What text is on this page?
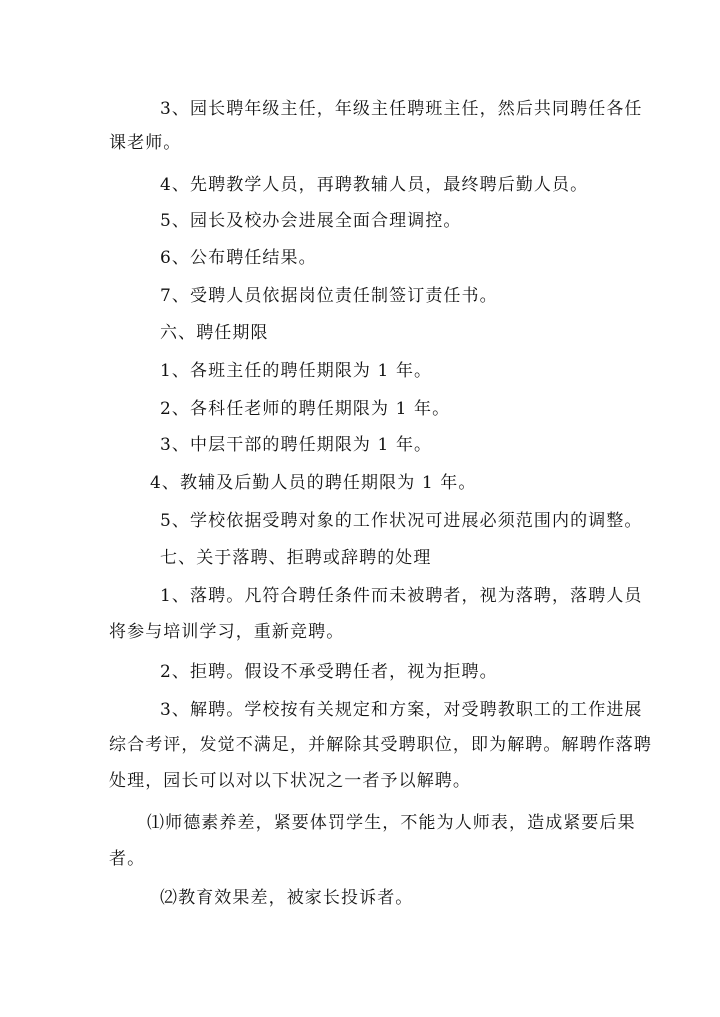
3、园长聘年级主任，年级主任聘班主任，然后共同聘任各任
课老师。
4、先聘教学人员，再聘教辅人员，最终聘后勤人员。
5、园长及校办会进展全面合理调控。
6、公布聘任结果。
7、受聘人员依据岗位责任制签订责任书。
六、聘任期限
1、各班主任的聘任期限为 1 年。
2、各科任老师的聘任期限为 1 年。
3、中层干部的聘任期限为 1 年。
4、教辅及后勤人员的聘任期限为 1 年。
5、学校依据受聘对象的工作状况可进展必须范围内的调整。
七、关于落聘、拒聘或辞聘的处理
1、落聘。凡符合聘任条件而未被聘者，视为落聘，落聘人员
将参与培训学习，重新竞聘。
2、拒聘。假设不承受聘任者，视为拒聘。
3、解聘。学校按有关规定和方案，对受聘教职工的工作进展
综合考评，发觉不满足，并解除其受聘职位，即为解聘。解聘作落聘
处理，园长可以对以下状况之一者予以解聘。
⑴师德素养差，紧要体罚学生，不能为人师表，造成紧要后果
者。
⑵教育效果差，被家长投诉者。
